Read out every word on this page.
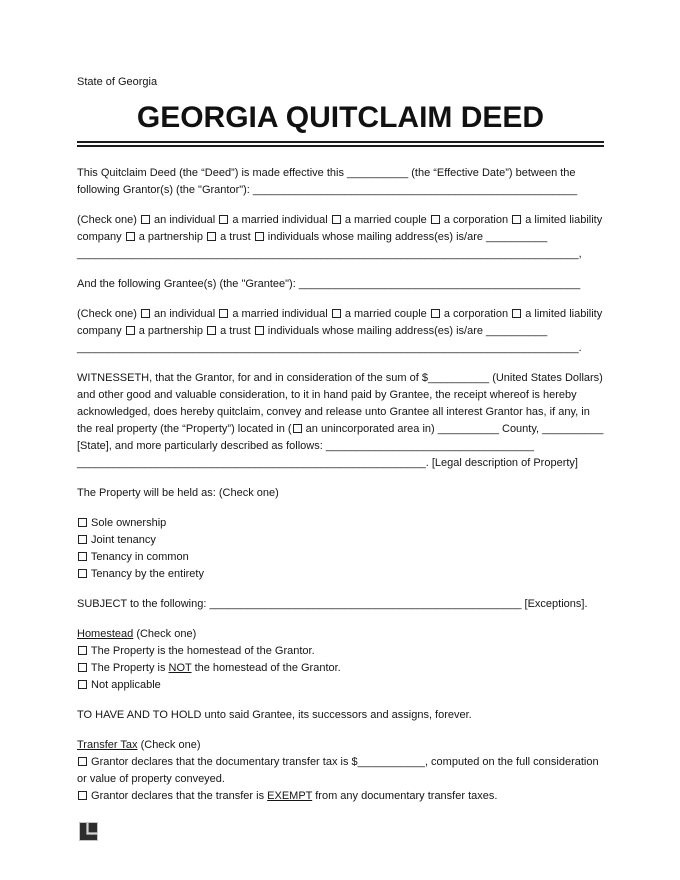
State of Georgia
GEORGIA QUITCLAIM DEED
This Quitclaim Deed (the “Deed”) is made effective this __________ (the “Effective Date”) between the following Grantor(s) (the "Grantor"): _____________________________________________________
(Check one)  an individual  a married individual  a married couple  a corporation  a limited liability company  a partnership  a trust  individuals whose mailing address(es) is/are __________ __________________________________________________________________________________,
And the following Grantee(s) (the "Grantee"): ______________________________________________
(Check one)  an individual  a married individual  a married couple  a corporation  a limited liability company  a partnership  a trust  individuals whose mailing address(es) is/are __________ __________________________________________________________________________________.
WITNESSETH, that the Grantor, for and in consideration of the sum of $__________ (United States Dollars) and other good and valuable consideration, to it in hand paid by Grantee, the receipt whereof is hereby acknowledged, does hereby quitclaim, convey and release unto Grantee all interest Grantor has, if any, in the real property (the “Property”) located in ( an unincorporated area in) __________ County, __________ [State], and more particularly described as follows: __________________________________ _________________________________________________________. [Legal description of Property]
The Property will be held as: (Check one)
Sole ownership
Joint tenancy
Tenancy in common
Tenancy by the entirety
SUBJECT to the following: ___________________________________________________ [Exceptions].
Homestead (Check one)
The Property is the homestead of the Grantor.
The Property is NOT the homestead of the Grantor.
Not applicable
TO HAVE AND TO HOLD unto said Grantee, its successors and assigns, forever.
Transfer Tax (Check one)
Grantor declares that the documentary transfer tax is $___________, computed on the full consideration or value of property conveyed.
Grantor declares that the transfer is EXEMPT from any documentary transfer taxes.
